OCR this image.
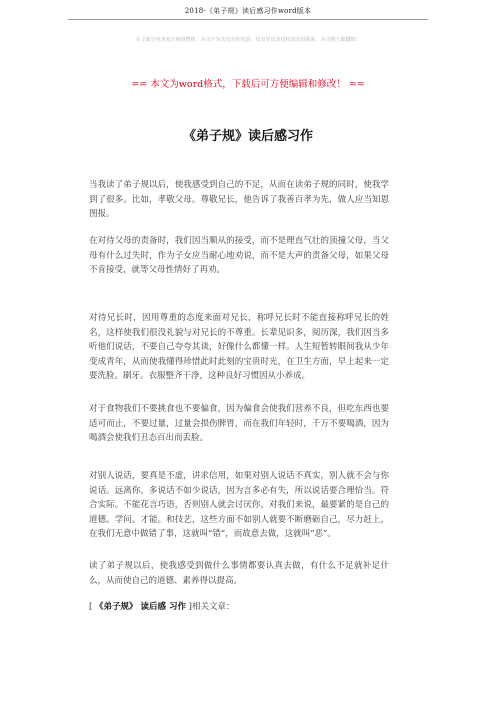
2018-《弟子规》读后感习作word版本
本文部分内容来自网络整理，本司不为其真实性负责，如有异议或侵权请及时联系，本司将立即删除！
== 本文为word格式，下载后可方便编辑和修改！ ==
《弟子规》读后感习作

当我读了弟子规以后，使我感受到自己的不足，从而在读弟子规的同时，使我学到了很多。比如，孝敬父母。尊敬兄长，他告诉了我善百孝为先，做人应当知恩图报。

在对待父母的责备时，我们因当顺从的接受，而不是理直气壮的顶撞父母，当父母有什么过失时，作为子女应当耐心地劝说，而不是大声的责备父母，如果父母不肯接受，就等父母性情好了再劝。

对待兄长时，因用尊重的态度来面对兄长，称呼兄长时不能直接称呼兄长的姓名，这样使我们很没礼貌与对兄长的不尊重。长辈见识多，阅历深，我们因当多听他们说话，不要自己夸夸其谈，好像什么都懂一样。人生短暂转眼间我从少年变成青年，从而使我懂得珍惜此时此刻的宝贵时光，在卫生方面，早上起来一定要洗脸。刷牙。衣服整齐干净，这种良好习惯因从小养成。

对于食物我们不要挑食也不要偏食，因为偏食会使我们营养不良，但吃东西也要适可而止，不要过量，过量会损伤脾胃，而在我们年轻时，千万不要喝酒，因为喝酒会使我们丑态百出而丢脸。

对别人说话，要真是不虚，讲求信用，如果对别人说话不真实，别人就不会与你说话。远离你，多说话不如少说话，因为言多必有失，所以说话要合理恰当。符合实际。不能花言巧语，否则别人就会讨厌你，对我们来说，最要紧的是自己的道德。学问。才能。和技艺，这些方面不如别人就要不断磨砺自己，尽力赶上，在我们无意中做错了事，这就叫“错”，而故意去做，这就叫“恶”。

读了弟子规以后，使我感受到做什么事情都要认真去做，有什么不足就补足什么，从而使自己的道德、素养得以提高。

[ 《弟子规》 读后感 习作 ]相关文章：
